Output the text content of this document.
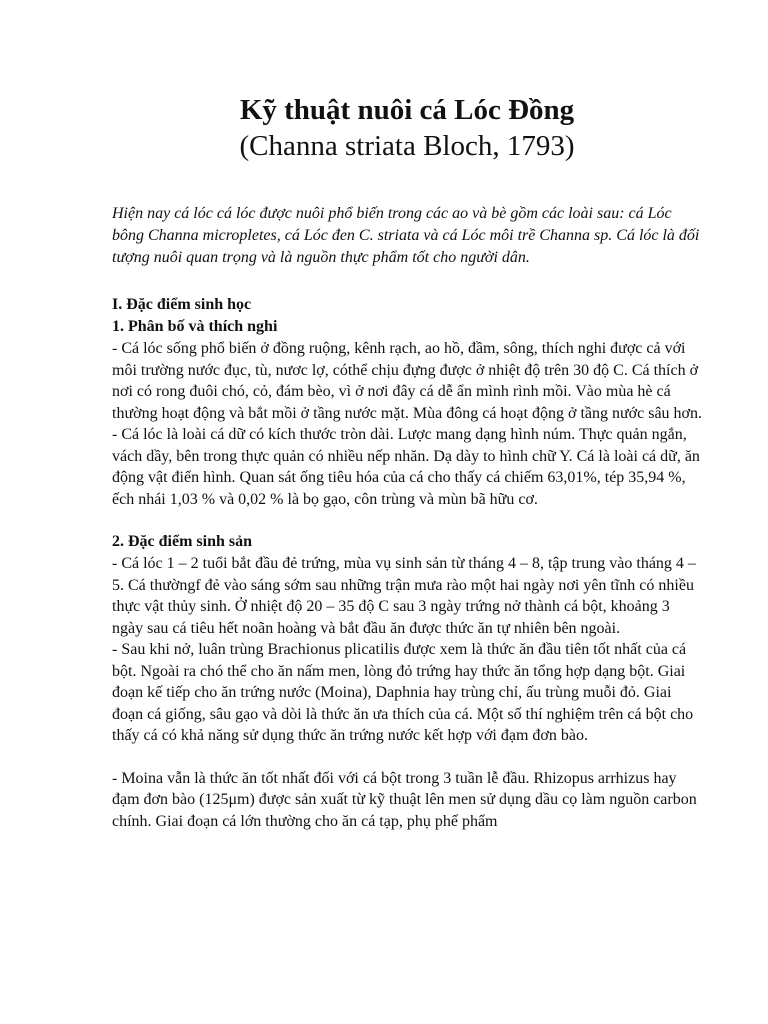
Kỹ thuật nuôi cá Lóc Đồng

(Channa striata Bloch, 1793)

Hiện nay cá lóc cá lóc được nuôi phổ biến trong các ao và bè gồm các loài sau: cá Lóc bông Channa micropletes, cá Lóc đen C. striata và cá Lóc môi trề Channa sp. Cá lóc là đối tượng nuôi quan trọng và là nguồn thực phẩm tốt cho người dân.

I. Đặc điểm sinh học

1. Phân bố và thích nghi

- Cá lóc sống phổ biến ở đồng ruộng, kênh rạch, ao hồ, đầm, sông, thích nghi được cả với môi trường nước đục, tù, nươc lợ, cóthể chịu đựng được ở nhiệt độ trên 30 độ C. Cá thích ở nơi có rong đuôi chó, cỏ, đám bèo, vì ở nơi đây cá dễ ẩn mình rình mồi. Vào mùa hè cá thường hoạt động và bắt mồi ở tầng nước mặt. Mùa đông cá hoạt động ở tầng nước sâu hơn.

- Cá lóc là loài cá dữ có kích thước tròn dài. Lược mang dạng hình núm. Thực quản ngắn, vách dầy, bên trong thực quản có nhiều nếp nhăn. Dạ dày to hình chữ Y. Cá là loài cá dữ, ăn động vật điển hình. Quan sát ống tiêu hóa của cá cho thấy cá chiếm 63,01%, tép 35,94 %, ếch nhái 1,03 % và 0,02 % là bọ gạo, côn trùng và mùn bã hữu cơ.

2. Đặc điểm sinh sản

- Cá lóc 1 – 2 tuổi bắt đầu đẻ trứng, mùa vụ sinh sản từ tháng 4 – 8, tập trung vào tháng 4 – 5. Cá thườngf đẻ vào sáng sớm sau những trận mưa rào một hai ngày nơi yên tĩnh có nhiều thực vật thủy sinh. Ở nhiệt độ 20 – 35 độ C sau 3 ngày trứng nở thành cá bột, khoảng 3 ngày sau cá tiêu hết noãn hoàng và bắt đầu ăn được thức ăn tự nhiên bên ngoài.

- Sau khi nở, luân trùng Brachionus plicatilis được xem là thức ăn đầu tiên tốt nhất của cá bột. Ngoài ra chó thể cho ăn nấm men, lòng đỏ trứng hay thức ăn tổng hợp dạng bột. Giai đoạn kế tiếp cho ăn trứng nước (Moina), Daphnia hay trùng chỉ, ấu trùng muỗi đỏ. Giai đoạn cá giống, sâu gạo và dòi là thức ăn ưa thích của cá. Một số thí nghiệm trên cá bột cho thấy cá có khả năng sử dụng thức ăn trứng nước kết hợp với đạm đơn bào.

- Moina vẫn là thức ăn tốt nhất đối với cá bột trong 3 tuần lễ đầu. Rhizopus arrhizus hay đạm đơn bào (125μm) được sản xuất từ kỹ thuật lên men sử dụng dầu cọ làm nguồn carbon chính. Giai đoạn cá lớn thường cho ăn cá tạp, phụ phế phẩm
